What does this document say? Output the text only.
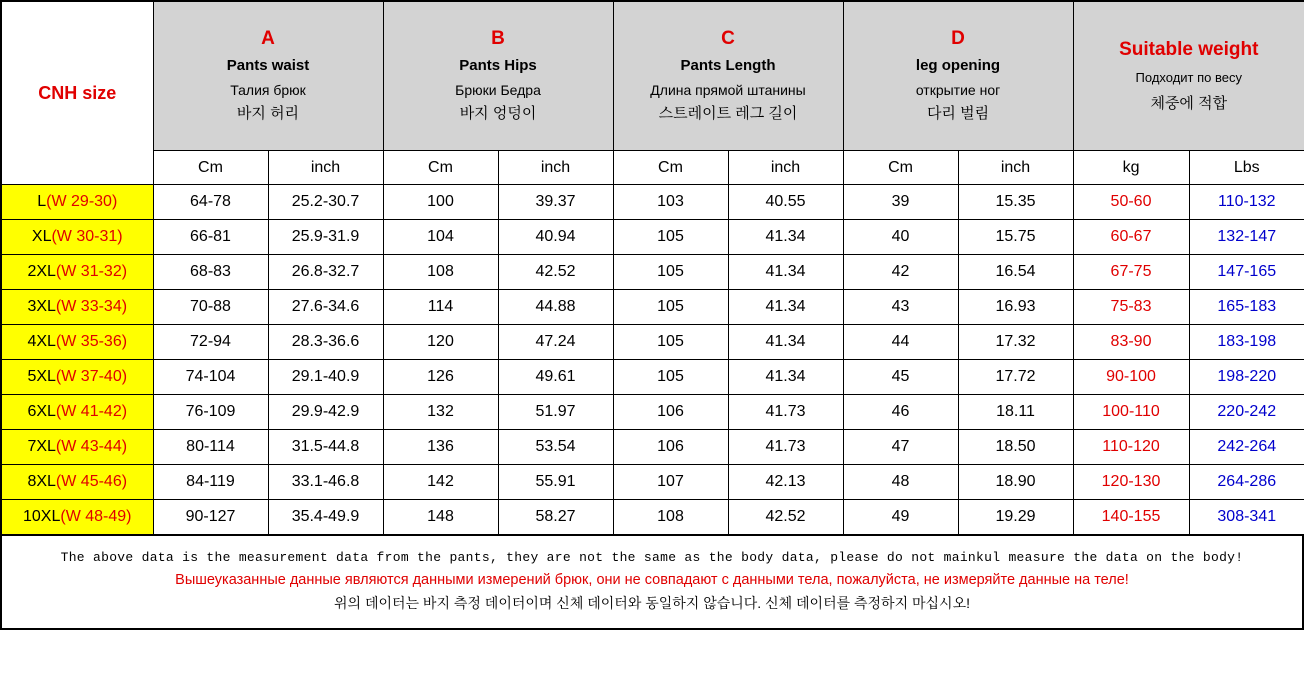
CNH size	
A
Pants waist
Талия брюк
바지 허리

B
Pants Hips
Брюки Бедра
바지 엉덩이

C
Pants Length
Длина прямой штанины
스트레이트 레그 길이

D
leg opening
открытие ног
다리 벌림

Suitable weight
Подходит по весу
체중에 적합

	Cm	inch	Cm	inch	Cm	inch	Cm	inch	kg	Lbs
L(W 29-30)	64-78	25.2-30.7	100	39.37	103	40.55	39	15.35	50-60	110-132
XL(W 30-31)	66-81	25.9-31.9	104	40.94	105	41.34	40	15.75	60-67	132-147
2XL(W 31-32)	68-83	26.8-32.7	108	42.52	105	41.34	42	16.54	67-75	147-165
3XL(W 33-34)	70-88	27.6-34.6	114	44.88	105	41.34	43	16.93	75-83	165-183
4XL(W 35-36)	72-94	28.3-36.6	120	47.24	105	41.34	44	17.32	83-90	183-198
5XL(W 37-40)	74-104	29.1-40.9	126	49.61	105	41.34	45	17.72	90-100	198-220
6XL(W 41-42)	76-109	29.9-42.9	132	51.97	106	41.73	46	18.11	100-110	220-242
7XL(W 43-44)	80-114	31.5-44.8	136	53.54	106	41.73	47	18.50	110-120	242-264
8XL(W 45-46)	84-119	33.1-46.8	142	55.91	107	42.13	48	18.90	120-130	264-286
10XL(W 48-49)	90-127	35.4-49.9	148	58.27	108	42.52	49	19.29	140-155	308-341
The above data is the measurement data from the pants, they are not the same as the body data, please do not mainkul measure the data on the body!
Вышеуказанные данные являются данными измерений брюк, они не совпадают с данными тела, пожалуйста, не измеряйте данные на теле!
위의 데이터는 바지 측정 데이터이며 신체 데이터와 동일하지 않습니다. 신체 데이터를 측정하지 마십시오!
